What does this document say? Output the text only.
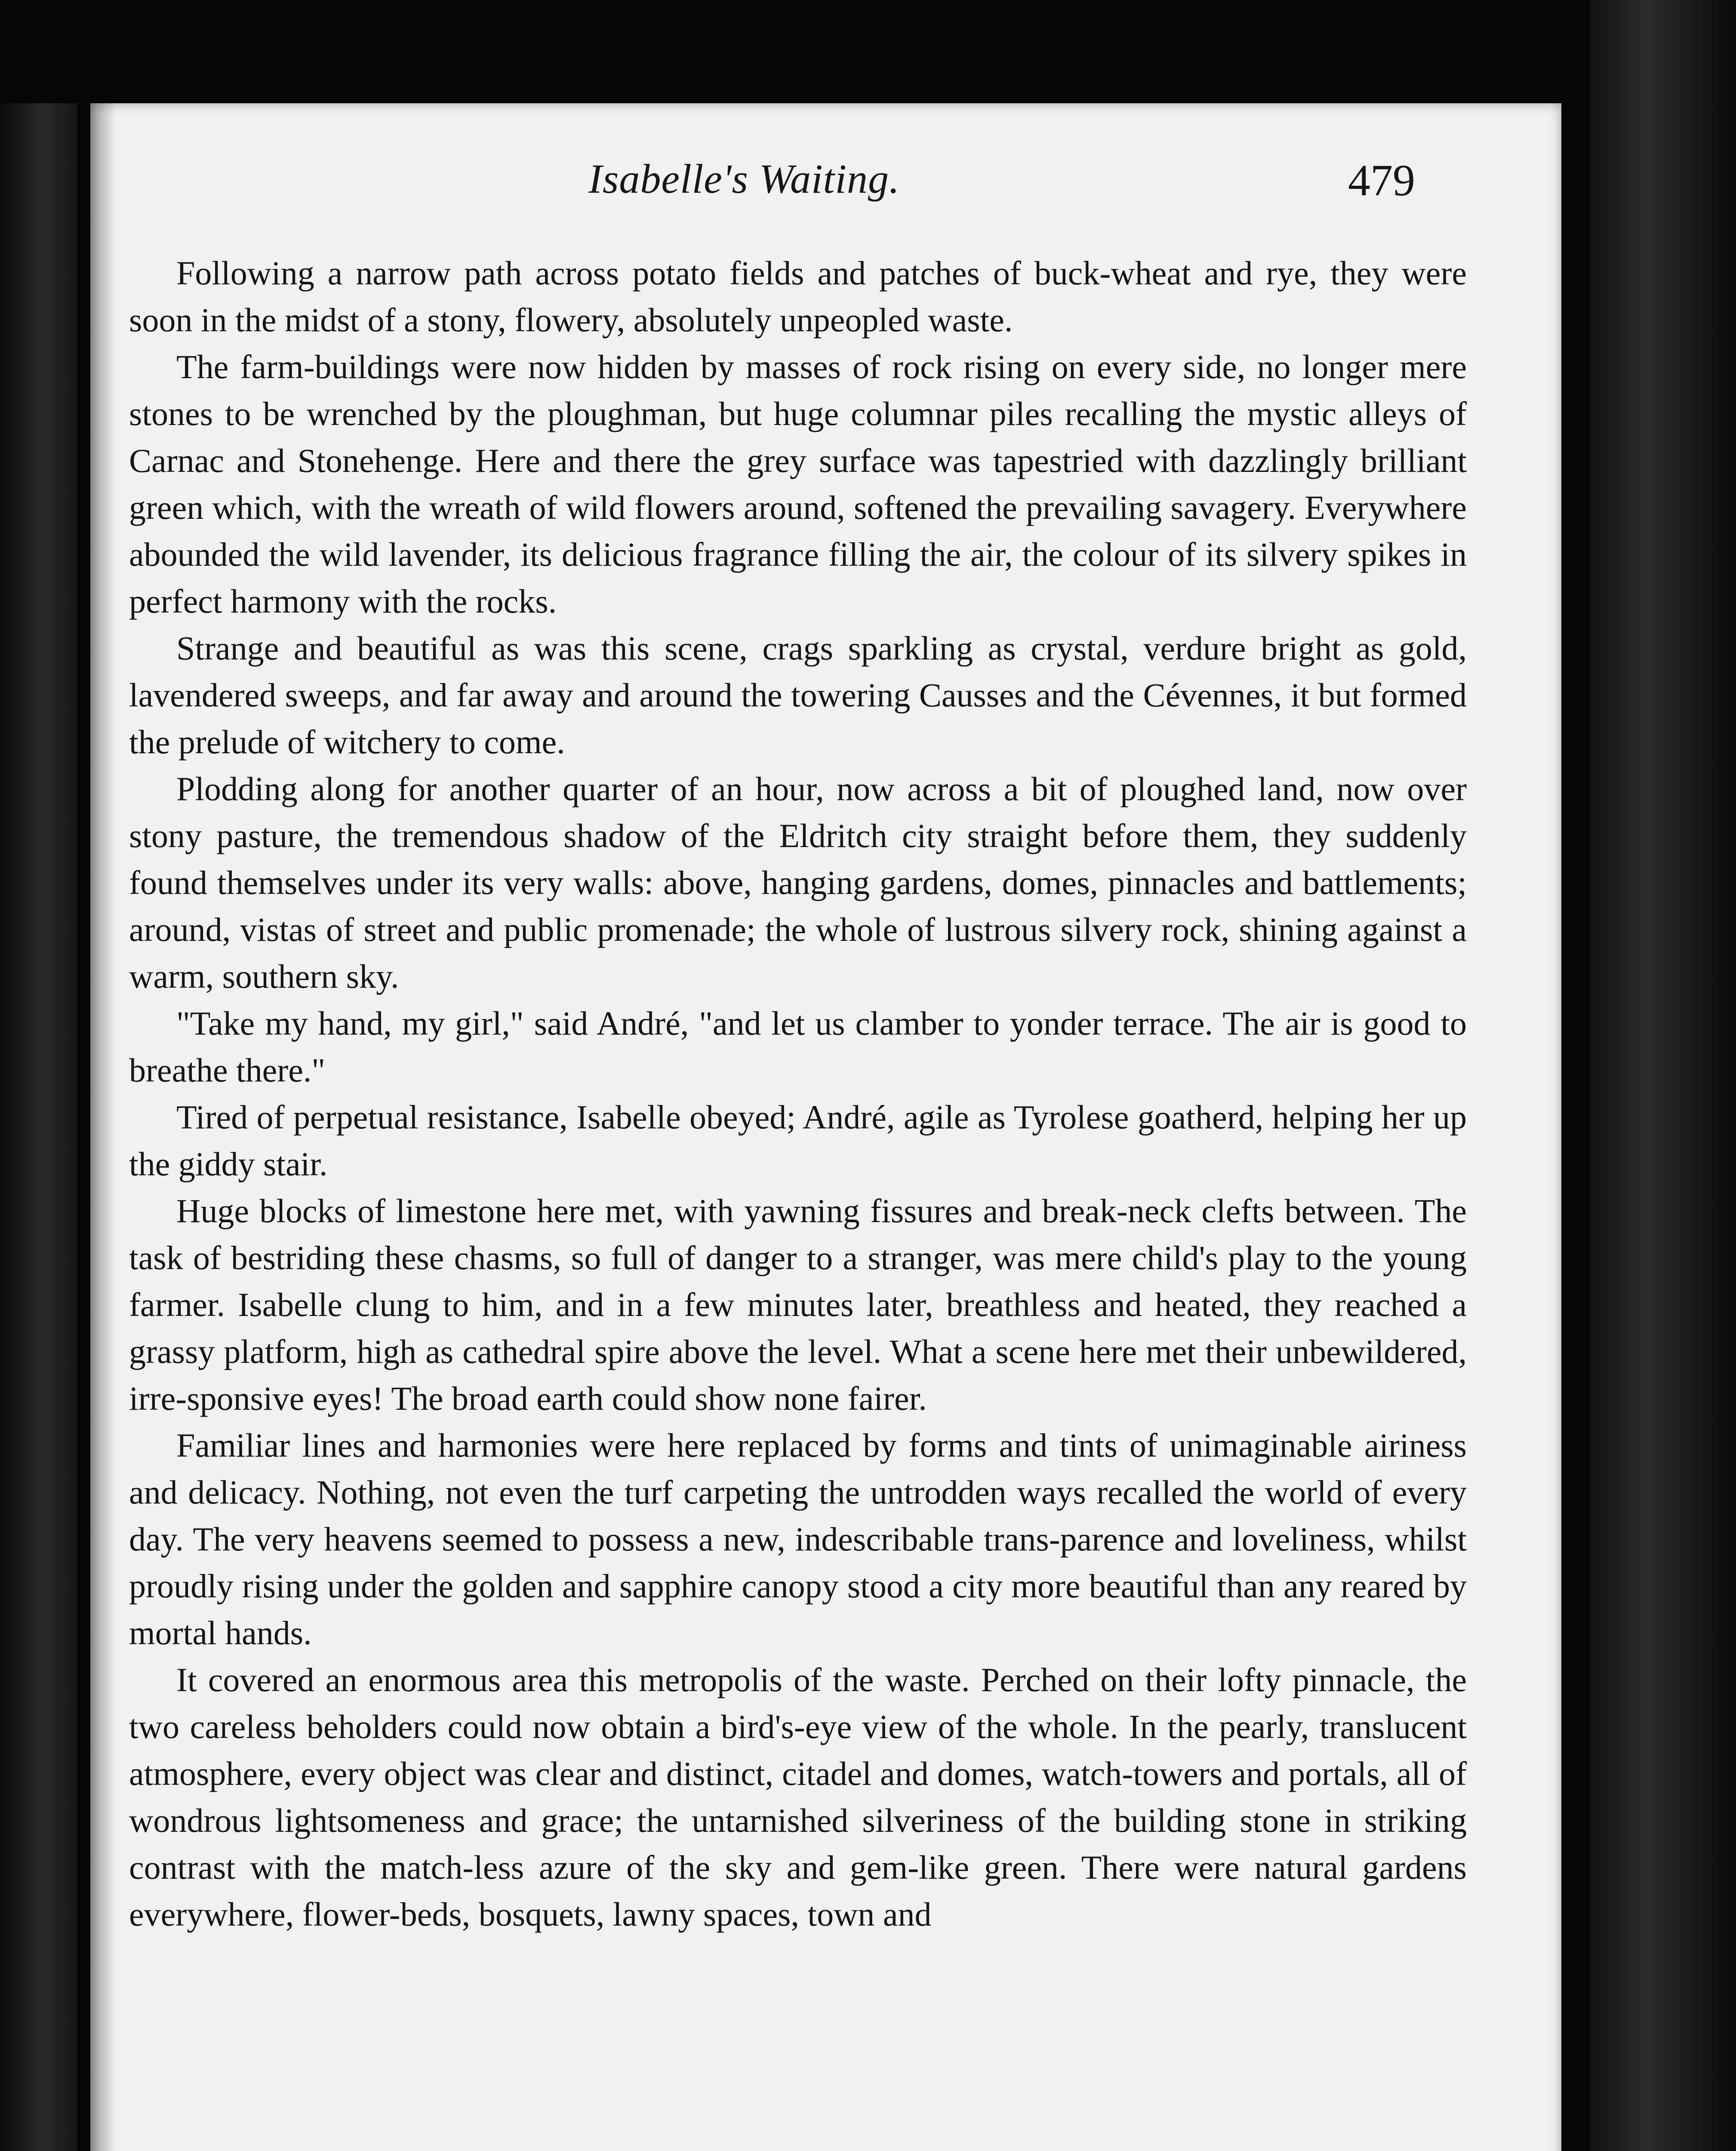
Isabelle's Waiting.	479

Following a narrow path across potato fields and patches of buck-wheat and rye, they were soon in the midst of a stony, flowery, absolutely unpeopled waste.

The farm-buildings were now hidden by masses of rock rising on every side, no longer mere stones to be wrenched by the ploughman, but huge columnar piles recalling the mystic alleys of Carnac and Stonehenge. Here and there the grey surface was tapestried with dazzlingly brilliant green which, with the wreath of wild flowers around, softened the prevailing savagery. Everywhere abounded the wild lavender, its delicious fragrance filling the air, the colour of its silvery spikes in perfect harmony with the rocks.

Strange and beautiful as was this scene, crags sparkling as crystal, verdure bright as gold, lavendered sweeps, and far away and around the towering Causses and the Cévennes, it but formed the prelude of witchery to come.

Plodding along for another quarter of an hour, now across a bit of ploughed land, now over stony pasture, the tremendous shadow of the Eldritch city straight before them, they suddenly found themselves under its very walls: above, hanging gardens, domes, pinnacles and battlements; around, vistas of street and public promenade; the whole of lustrous silvery rock, shining against a warm, southern sky.

"Take my hand, my girl," said André, "and let us clamber to yonder terrace. The air is good to breathe there."

Tired of perpetual resistance, Isabelle obeyed; André, agile as Tyrolese goatherd, helping her up the giddy stair.

Huge blocks of limestone here met, with yawning fissures and break-neck clefts between. The task of bestriding these chasms, so full of danger to a stranger, was mere child's play to the young farmer. Isabelle clung to him, and in a few minutes later, breathless and heated, they reached a grassy platform, high as cathedral spire above the level. What a scene here met their unbewildered, irre-sponsive eyes! The broad earth could show none fairer.

Familiar lines and harmonies were here replaced by forms and tints of unimaginable airiness and delicacy. Nothing, not even the turf carpeting the untrodden ways recalled the world of every day. The very heavens seemed to possess a new, indescribable trans-parence and loveliness, whilst proudly rising under the golden and sapphire canopy stood a city more beautiful than any reared by mortal hands.

It covered an enormous area this metropolis of the waste. Perched on their lofty pinnacle, the two careless beholders could now obtain a bird's-eye view of the whole. In the pearly, translucent atmosphere, every object was clear and distinct, citadel and domes, watch-towers and portals, all of wondrous lightsomeness and grace; the untarnished silveriness of the building stone in striking contrast with the match-less azure of the sky and gem-like green. There were natural gardens everywhere, flower-beds, bosquets, lawny spaces, town and
